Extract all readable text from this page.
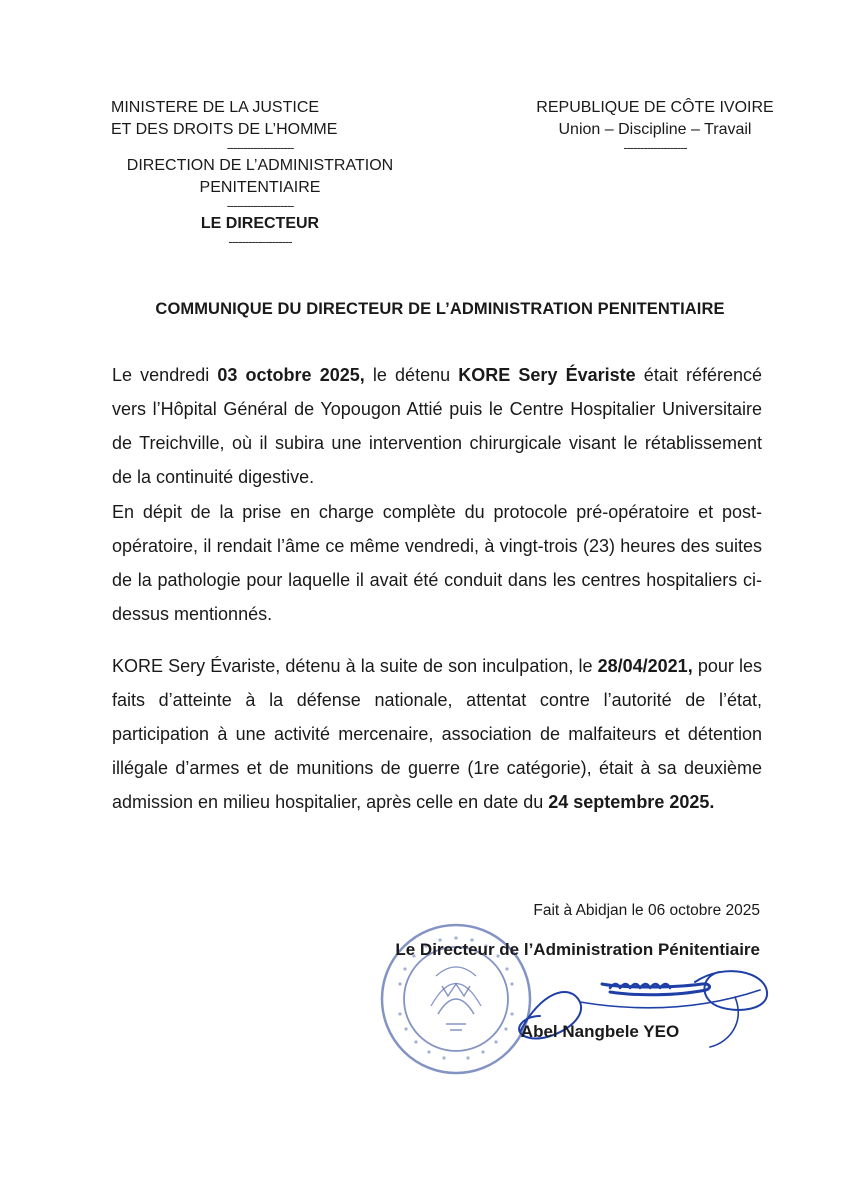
MINISTERE DE LA JUSTICE
ET DES DROITS DE L’HOMME
--------------------
DIRECTION DE L’ADMINISTRATION
PENITENTIAIRE
--------------------
LE DIRECTEUR
-------------------
REPUBLIQUE DE CÔTE IVOIRE
Union – Discipline – Travail
-------------------
COMMUNIQUE DU DIRECTEUR DE L’ADMINISTRATION PENITENTIAIRE

Le vendredi 03 octobre 2025, le détenu KORE Sery Évariste était référencé vers l’Hôpital Général de Yopougon Attié puis le Centre Hospitalier Universitaire de Treichville, où il subira une intervention chirurgicale visant le rétablissement de la continuité digestive.

En dépit de la prise en charge complète du protocole pré-opératoire et post-opératoire, il rendait l’âme ce même vendredi, à vingt-trois (23) heures des suites de la pathologie pour laquelle il avait été conduit dans les centres hospitaliers ci-dessus mentionnés.

KORE Sery Évariste, détenu à la suite de son inculpation, le 28/04/2021, pour les faits d’atteinte à la défense nationale, attentat contre l’autorité de l’état, participation à une activité mercenaire, association de malfaiteurs et détention illégale d’armes et de munitions de guerre (1re catégorie), était à sa deuxième admission en milieu hospitalier, après celle en date du 24 septembre 2025.

Fait à Abidjan le 06 octobre 2025
Le Directeur de l’Administration Pénitentiaire
Abel Nangbele YEO
